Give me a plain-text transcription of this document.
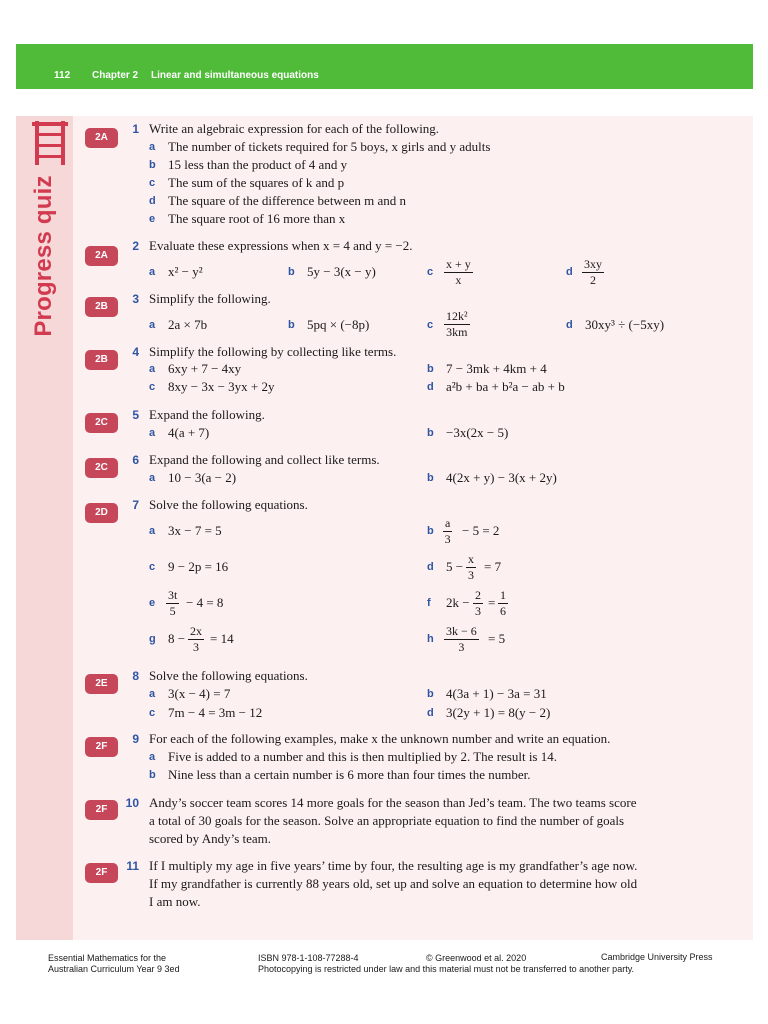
112 Chapter 2 Linear and simultaneous equations
Progress quiz
2A
2A
2B
2B
2C
2C
2D
2E
2F
2F
2F
1 Write an algebraic expression for each of the following.
a The number of tickets required for 5 boys, x girls and y adults
b 15 less than the product of 4 and y
c The sum of the squares of k and p
d The square of the difference between m and n
e The square root of 16 more than x
2 Evaluate these expressions when x = 4 and y = −2.
a x² − y²	b 5y − 3(x − y)	c $\frac{x + y}{x}$	d $\frac{3xy}{2}$
3 Simplify the following.
a 2a × 7b	b 5pq × (−8p)	c $\frac{\text{12k²}}{3km}$	d 30xy³ ÷ (−5xy)
4 Simplify the following by collecting like terms.
a 6xy + 7 − 4xy	b 7 − 3mk + 4km + 4
c 8xy − 3x − 3yx + 2y	d a²b + ba + b²a − ab + b
5 Expand the following.
a 4(a + 7)	b −3x(2x − 5)
6 Expand the following and collect like terms.
a 10 − 3(a − 2)	b 4(2x + y) − 3(x + 2y)
7 Solve the following equations.
a 3x − 7 = 5	b $\frac{a}{3} - 5 = 2$
c 9 − 2p = 16	d $5 - \frac{x}{3} = 7$
e $\frac{3t}{5} - 4 = 8$	f $2k - \frac{2}{3} = \frac{1}{6}$
g $8 - \frac{2x}{3} = 14$	h $\frac{3k - 6}{3} = 5$
8 Solve the following equations.
a 3(x − 4) = 7	b 4(3a + 1) − 3a = 31
c 7m − 4 = 3m − 12	d 3(2y + 1) = 8(y − 2)
9 For each of the following examples, make x the unknown number and write an equation.
a Five is added to a number and this is then multiplied by 2. The result is 14.
b Nine less than a certain number is 6 more than four times the number.
10 Andy’s soccer team scores 14 more goals for the season than Jed’s team. The two teams score
a total of 30 goals for the season. Solve an appropriate equation to find the number of goals
scored by Andy’s team.
11 If I multiply my age in five years’ time by four, the resulting age is my grandfather’s age now.
If my grandfather is currently 88 years old, set up and solve an equation to determine how old
I am now.
Essential Mathematics for the
Australian Curriculum Year 9 3ed
ISBN 978-1-108-77288-4	© Greenwood et al. 2020	Cambridge University Press
Photocopying is restricted under law and this material must not be transferred to another party.
